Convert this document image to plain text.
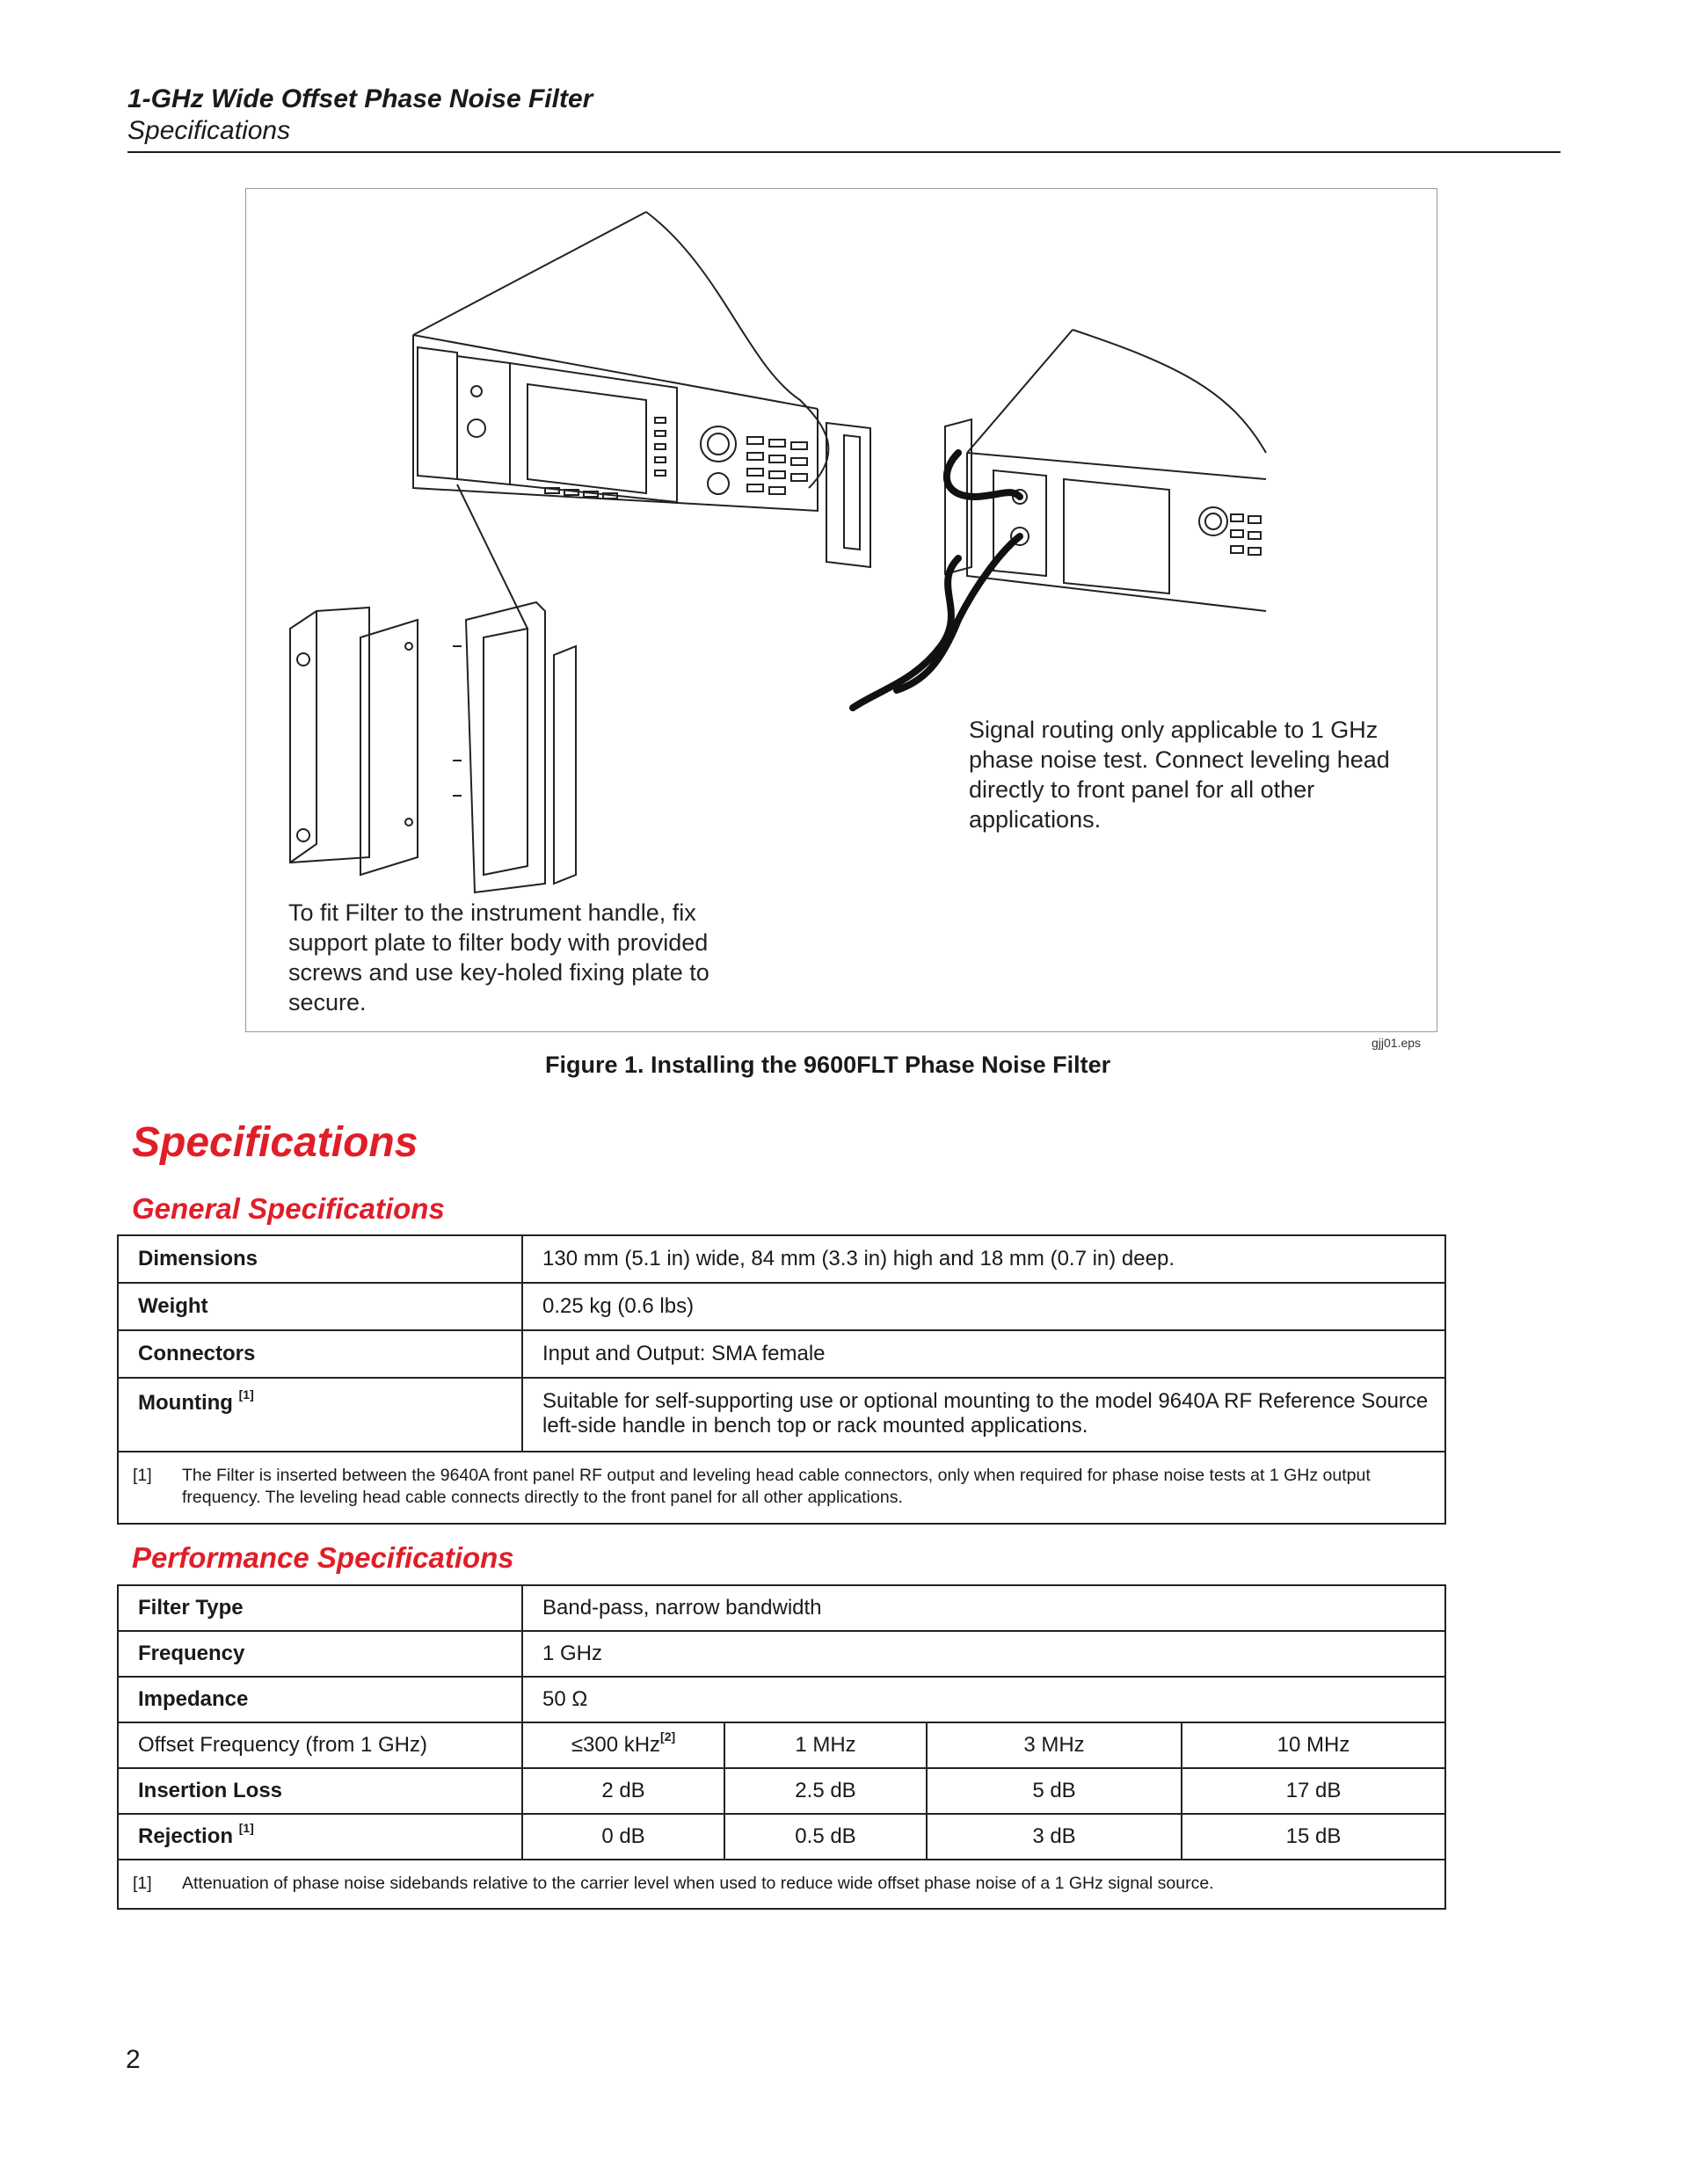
1-GHz Wide Offset Phase Noise Filter
Specifications
To fit Filter to the instrument handle, fix support plate to filter body with provided screws and use key-holed fixing plate to secure.
Signal routing only applicable to 1 GHz phase noise test. Connect leveling head directly to front panel for all other applications.
gjj01.eps
Figure 1. Installing the 9600FLT Phase Noise Filter
Specifications
General Specifications
Dimensions	130 mm (5.1 in) wide, 84 mm (3.3 in) high and 18 mm (0.7 in) deep.
Weight	0.25 kg (0.6 lbs)
Connectors	Input and Output: SMA female
Mounting [1]	Suitable for self-supporting use or optional mounting to the model 9640A RF Reference Source left-side handle in bench top or rack mounted applications.

[1] The Filter is inserted between the 9640A front panel RF output and leveling head cable connectors, only when required for phase noise tests at 1 GHz output frequency. The leveling head cable connects directly to the front panel for all other applications.	
Performance Specifications
Filter Type	Band-pass, narrow bandwidth			
Frequency	1 GHz			
Impedance	50 Ω			
Offset Frequency (from 1 GHz)	≤300 kHz[2]	1 MHz	3 MHz	10 MHz
Insertion Loss	2 dB	2.5 dB	5 dB	17 dB
Rejection [1]	0 dB	0.5 dB	3 dB	15 dB

[1] Attenuation of phase noise sidebands relative to the carrier level when used to reduce wide offset phase noise of a 1 GHz signal source.				
2
